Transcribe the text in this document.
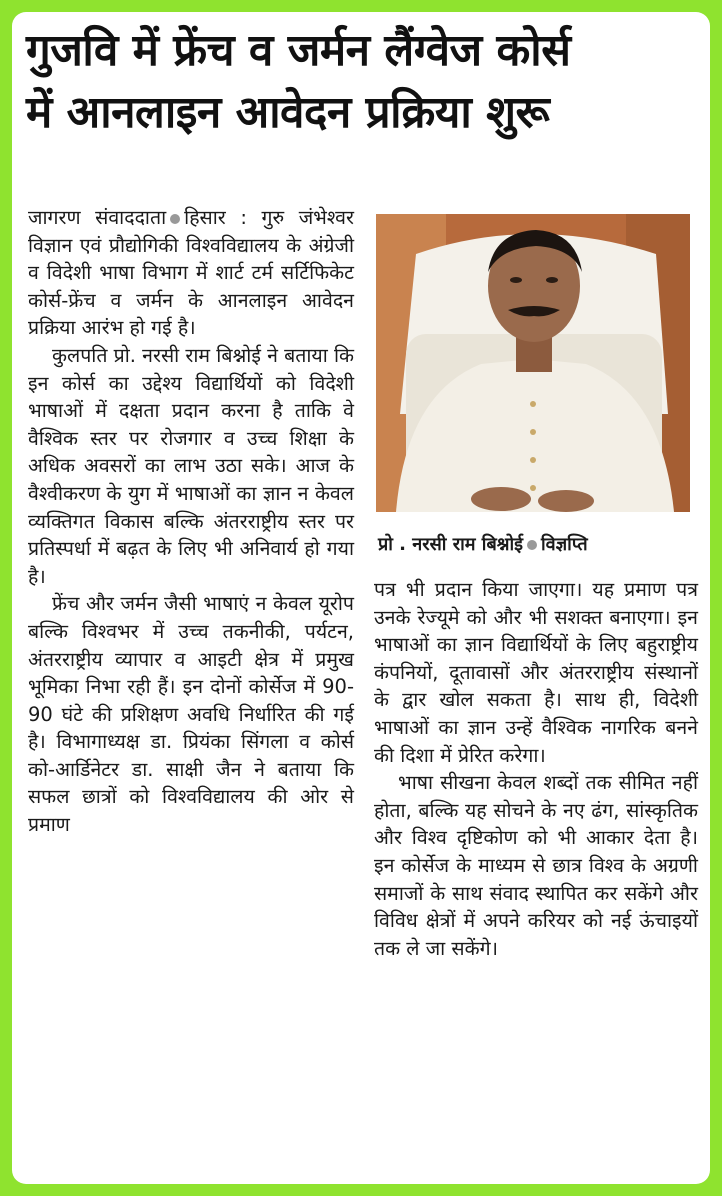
गुजवि में फ्रेंच व जर्मन लैंग्वेज कोर्स
में आनलाइन आवेदन प्रक्रिया शुरू

जागरण संवाददाता हिसार : गुरु जंभेश्वर विज्ञान एवं प्रौद्योगिकी विश्वविद्यालय के अंग्रेजी व विदेशी भाषा विभाग में शार्ट टर्म सर्टिफिकेट कोर्स-फ्रेंच व जर्मन के आनलाइन आवेदन प्रक्रिया आरंभ हो गई है।

कुलपति प्रो. नरसी राम बिश्नोई ने बताया कि इन कोर्स का उद्देश्य विद्यार्थियों को विदेशी भाषाओं में दक्षता प्रदान करना है ताकि वे वैश्विक स्तर पर रोजगार व उच्च शिक्षा के अधिक अवसरों का लाभ उठा सके। आज के वैश्वीकरण के युग में भाषाओं का ज्ञान न केवल व्यक्तिगत विकास बल्कि अंतरराष्ट्रीय स्तर पर प्रतिस्पर्धा में बढ़त के लिए भी अनिवार्य हो गया है।

फ्रेंच और जर्मन जैसी भाषाएं न केवल यूरोप बल्कि विश्वभर में उच्च तकनीकी, पर्यटन, अंतरराष्ट्रीय व्यापार व आइटी क्षेत्र में प्रमुख भूमिका निभा रही हैं। इन दोनों कोर्सेज में 90-90 घंटे की प्रशिक्षण अवधि निर्धारित की गई है। विभागाध्यक्ष डा. प्रियंका सिंगला व कोर्स को-आर्डिनेटर डा. साक्षी जैन ने बताया कि सफल छात्रों को विश्वविद्यालय की ओर से प्रमाण

प्रो . नरसी राम बिश्नोई विज्ञप्ति

पत्र भी प्रदान किया जाएगा। यह प्रमाण पत्र उनके रेज्यूमे को और भी सशक्त बनाएगा। इन भाषाओं का ज्ञान विद्यार्थियों के लिए बहुराष्ट्रीय कंपनियों, दूतावासों और अंतरराष्ट्रीय संस्थानों के द्वार खोल सकता है। साथ ही, विदेशी भाषाओं का ज्ञान उन्हें वैश्विक नागरिक बनने की दिशा में प्रेरित करेगा।

भाषा सीखना केवल शब्दों तक सीमित नहीं होता, बल्कि यह सोचने के नए ढंग, सांस्कृतिक और विश्व दृष्टिकोण को भी आकार देता है। इन कोर्सेज के माध्यम से छात्र विश्व के अग्रणी समाजों के साथ संवाद स्थापित कर सकेंगे और विविध क्षेत्रों में अपने करियर को नई ऊंचाइयों तक ले जा सकेंगे।
